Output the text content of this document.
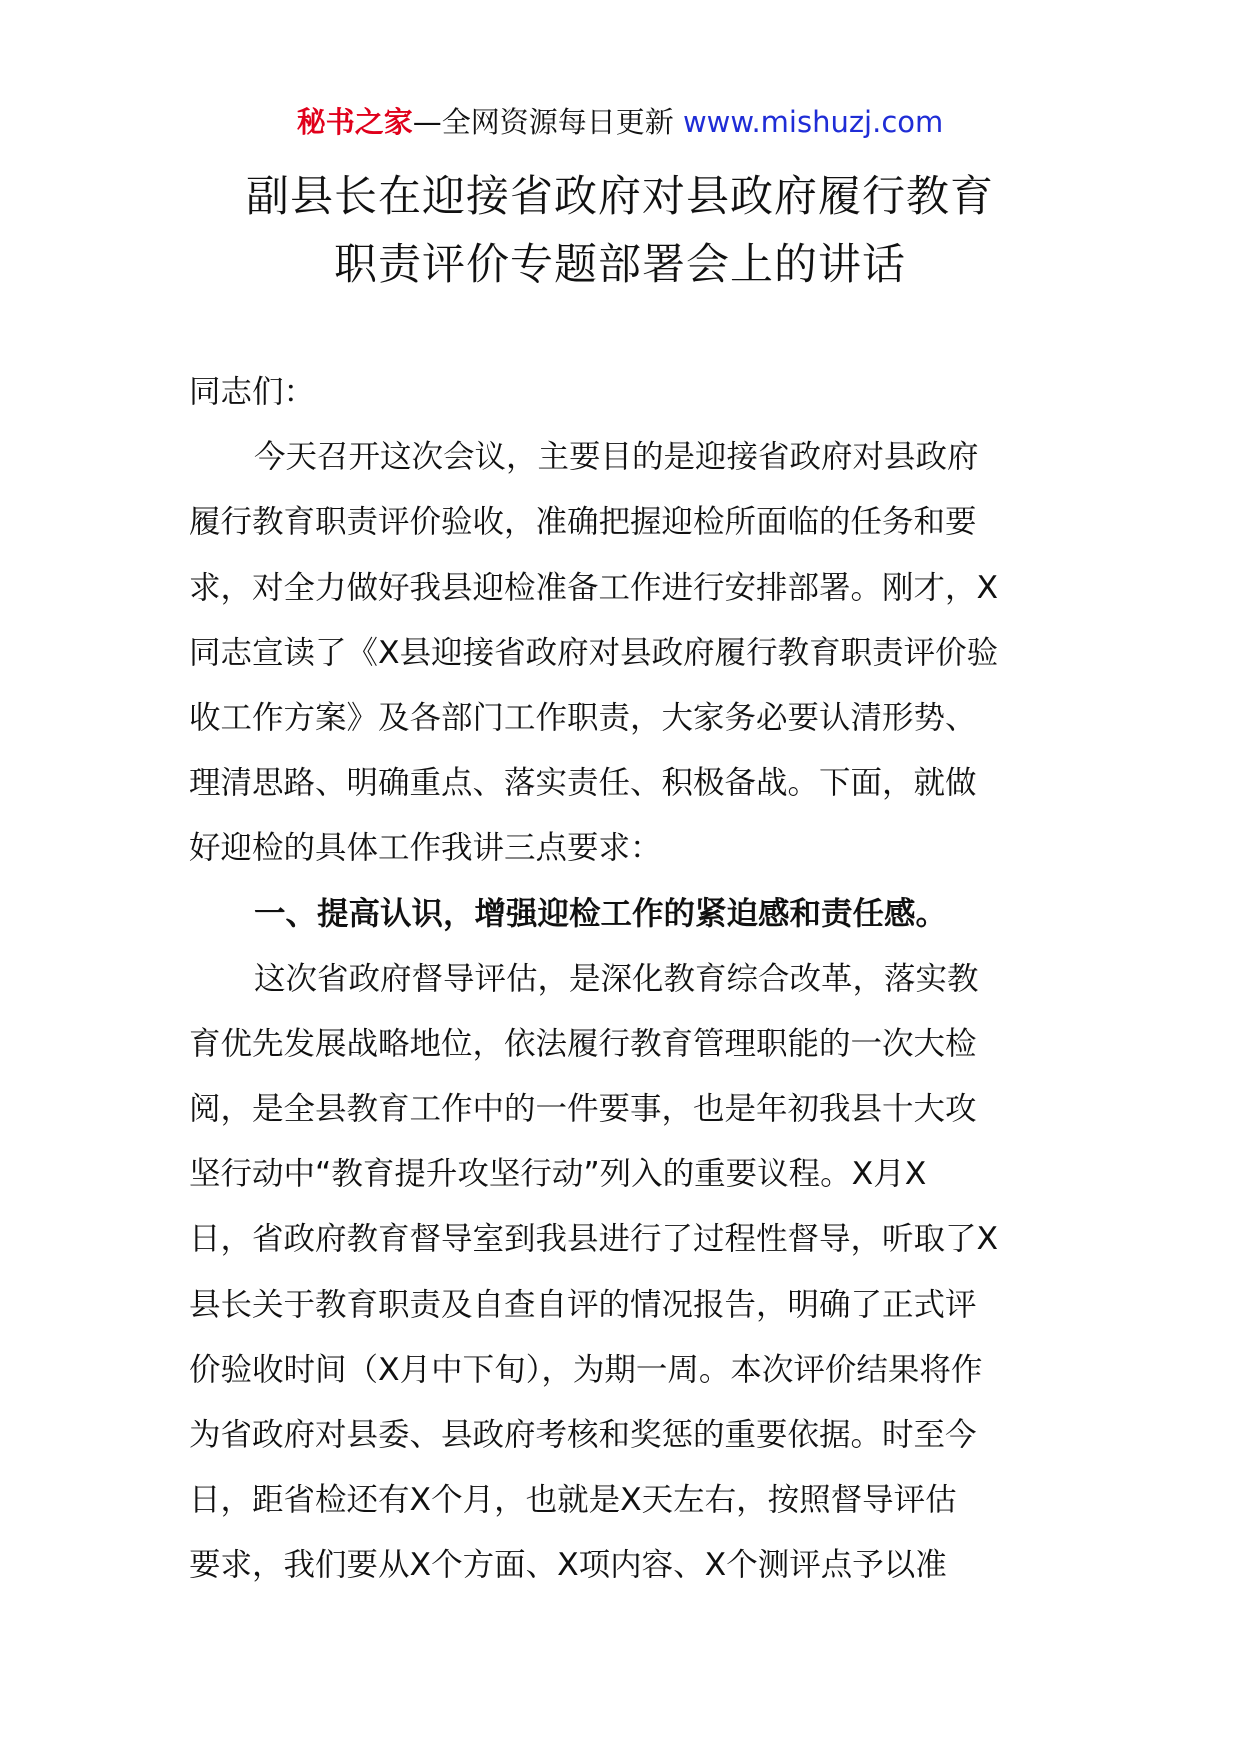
秘书之家—全网资源每日更新 www.mishuzj.com
副县长在迎接省政府对县政府履行教育
职责评价专题部署会上的讲话
同志们：
今天召开这次会议，主要目的是迎接省政府对县政府
履行教育职责评价验收，准确把握迎检所面临的任务和要
求，对全力做好我县迎检准备工作进行安排部署。刚才，X
同志宣读了《X县迎接省政府对县政府履行教育职责评价验
收工作方案》及各部门工作职责，大家务必要认清形势、
理清思路、明确重点、落实责任、积极备战。下面，就做
好迎检的具体工作我讲三点要求：
一、提高认识，增强迎检工作的紧迫感和责任感。
这次省政府督导评估，是深化教育综合改革，落实教
育优先发展战略地位，依法履行教育管理职能的一次大检
阅，是全县教育工作中的一件要事，也是年初我县十大攻
坚行动中“教育提升攻坚行动”列入的重要议程。X月X
日，省政府教育督导室到我县进行了过程性督导，听取了X
县长关于教育职责及自查自评的情况报告，明确了正式评
价验收时间（X月中下旬），为期一周。本次评价结果将作
为省政府对县委、县政府考核和奖惩的重要依据。时至今
日，距省检还有X个月，也就是X天左右，按照督导评估
要求，我们要从X个方面、X项内容、X个测评点予以准
